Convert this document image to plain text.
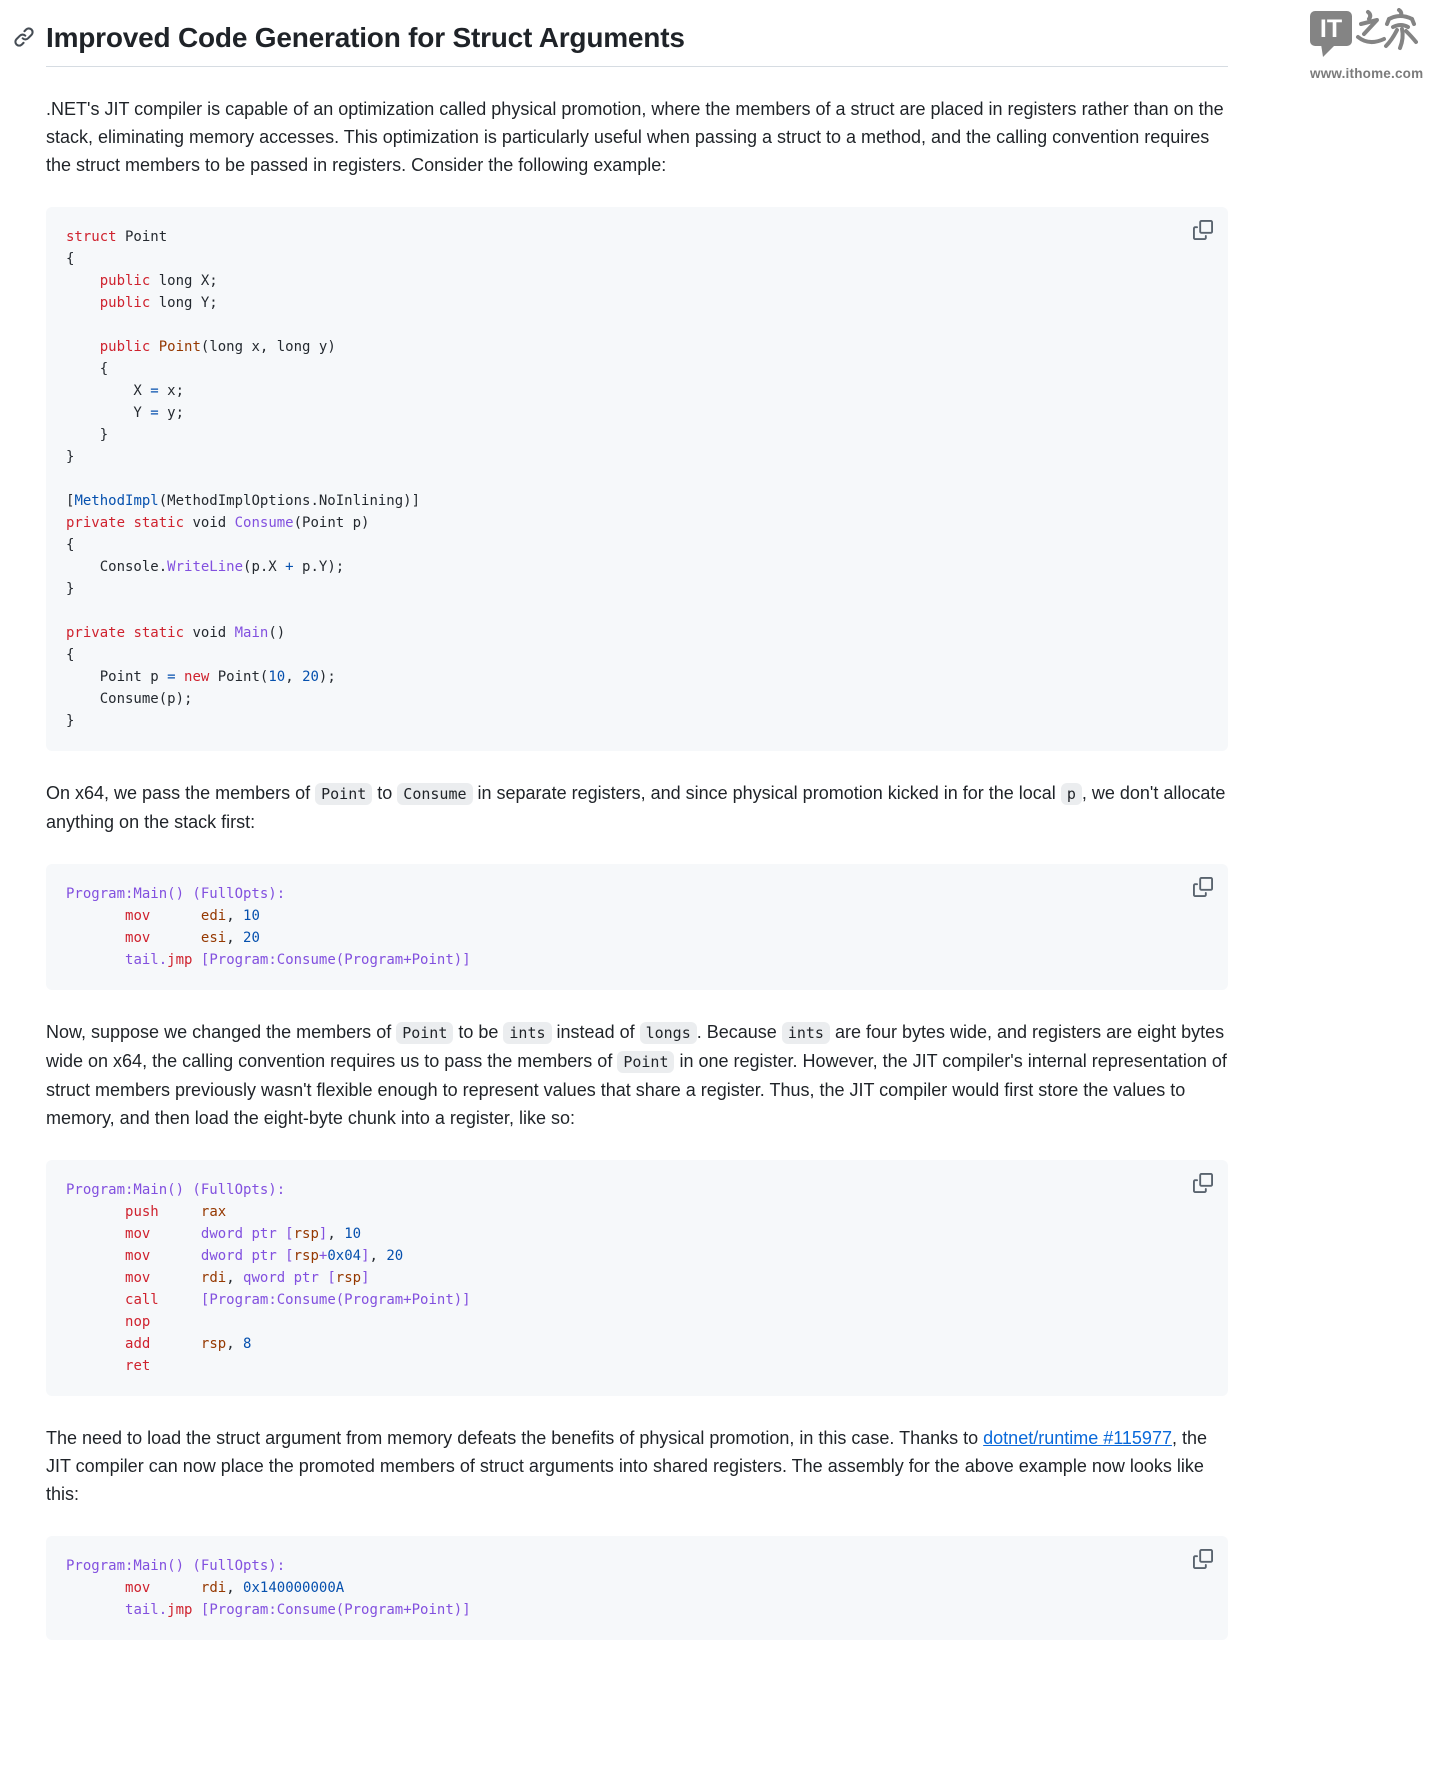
Improved Code Generation for Struct Arguments	IT
www.ithome.com

.NET's JIT compiler is capable of an optimization called physical promotion, where the members of a struct are placed in registers rather than on the stack, eliminating memory accesses. This optimization is particularly useful when passing a struct to a method, and the calling convention requires the struct members to be passed in registers. Consider the following example:

struct Point
{
public long X;
public long Y;

public Point(long x, long y)
{
X = x;
Y = y;
}
}

[MethodImpl(MethodImplOptions.NoInlining)]
private static void Consume(Point p)
{
Console.WriteLine(p.X + p.Y);
}

private static void Main()
{
Point p = new Point(10, 20);
Consume(p);
}

On x64, we pass the members of Point to Consume in separate registers, and since physical promotion kicked in for the local p , we don't allocate anything on the stack first:

Program:Main() (FullOpts):
mov	edi, 10
mov	esi, 20
tail.jmp [Program:Consume(Program+Point)]

Now, suppose we changed the members of Point to be ints instead of longs . Because ints are four bytes wide, and registers are eight bytes wide on x64, the calling convention requires us to pass the members of Point in one register. However, the JIT compiler's internal representation of struct members previously wasn't flexible enough to represent values that share a register. Thus, the JIT compiler would first store the values to memory, and then load the eight-byte chunk into a register, like so:

Program:Main() (FullOpts):
push	rax
mov	dword ptr [rsp], 10
mov	dword ptr [rsp+0x04], 20
mov	rdi, qword ptr [rsp]
call	[Program:Consume(Program+Point)]
nop
add	rsp, 8
ret

The need to load the struct argument from memory defeats the benefits of physical promotion, in this case. Thanks to dotnet/runtime #115977, the JIT compiler can now place the promoted members of struct arguments into shared registers. The assembly for the above example now looks like this:

Program:Main() (FullOpts):
mov	rdi, 0x140000000A
tail.jmp [Program:Consume(Program+Point)]
